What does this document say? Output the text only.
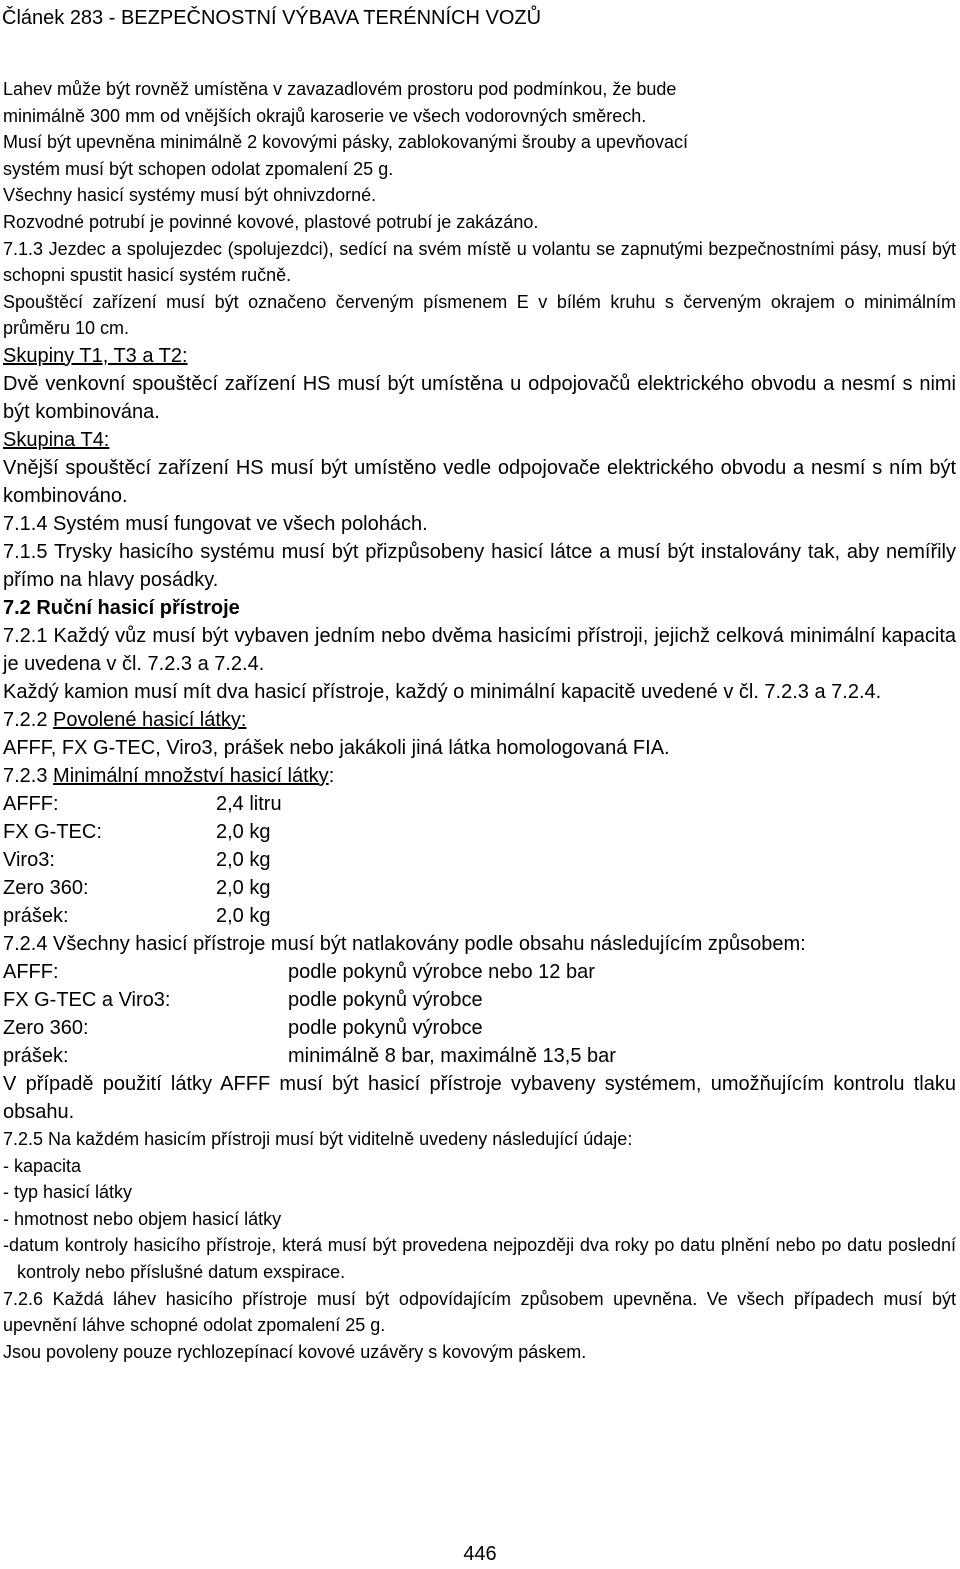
Článek 283 - BEZPEČNOSTNÍ VÝBAVA TERÉNNÍCH VOZŮ
Lahev může být rovněž umístěna v zavazadlovém prostoru pod podmínkou, že bude
minimálně 300 mm od vnějších okrajů karoserie ve všech vodorovných směrech.
Musí být upevněna minimálně 2 kovovými pásky, zablokovanými šrouby a upevňovací
systém musí být schopen odolat zpomalení 25 g.
Všechny hasicí systémy musí být ohnivzdorné.
Rozvodné potrubí je povinné kovové, plastové potrubí je zakázáno.

7.1.3 Jezdec a spolujezdec (spolujezdci), sedící na svém místě u volantu se zapnutými bezpečnostními pásy, musí být schopni spustit hasicí systém ručně.

Spouštěcí zařízení musí být označeno červeným písmenem E v bílém kruhu s červeným okrajem o minimálním průměru 10 cm.

Skupiny T1, T3 a T2:

Dvě venkovní spouštěcí zařízení HS musí být umístěna u odpojovačů elektrického obvodu a nesmí s nimi být kombinována.

Skupina T4:

Vnější spouštěcí zařízení HS musí být umístěno vedle odpojovače elektrického obvodu a nesmí s ním být kombinováno.

7.1.4 Systém musí fungovat ve všech polohách.

7.1.5 Trysky hasicího systému musí být přizpůsobeny hasicí látce a musí být instalovány tak, aby nemířily přímo na hlavy posádky.

7.2 Ruční hasicí přístroje

7.2.1 Každý vůz musí být vybaven jedním nebo dvěma hasicími přístroji, jejichž celková minimální kapacita je uvedena v čl. 7.2.3 a 7.2.4.

Každý kamion musí mít dva hasicí přístroje, každý o minimální kapacitě uvedené v čl. 7.2.3 a 7.2.4.

7.2.2 Povolené hasicí látky:

AFFF, FX G-TEC, Viro3, prášek nebo jakákoli jiná látka homologovaná FIA.

7.2.3 Minimální množství hasicí látky:
AFFF:	2,4 litru
FX G-TEC:	2,0 kg
Viro3:	2,0 kg
Zero 360:	2,0 kg
prášek:	2,0 kg

7.2.4 Všechny hasicí přístroje musí být natlakovány podle obsahu následujícím způsobem:

AFFF:	podle pokynů výrobce nebo 12 bar
FX G-TEC a Viro3:	podle pokynů výrobce
Zero 360:	podle pokynů výrobce
prášek:	minimálně 8 bar, maximálně 13,5 bar

V případě použití látky AFFF musí být hasicí přístroje vybaveny systémem, umožňujícím kontrolu tlaku obsahu.

7.2.5 Na každém hasicím přístroji musí být viditelně uvedeny následující údaje:

- kapacita
- typ hasicí látky
- hmotnost nebo objem hasicí látky

-datum kontroly hasicího přístroje, která musí být provedena nejpozději dva roky po datu plnění nebo po datu poslední kontroly nebo příslušné datum exspirace.

7.2.6 Každá láhev hasicího přístroje musí být odpovídajícím způsobem upevněna. Ve všech případech musí být upevnění láhve schopné odolat zpomalení 25 g.

Jsou povoleny pouze rychlozepínací kovové uzávěry s kovovým páskem.

446
